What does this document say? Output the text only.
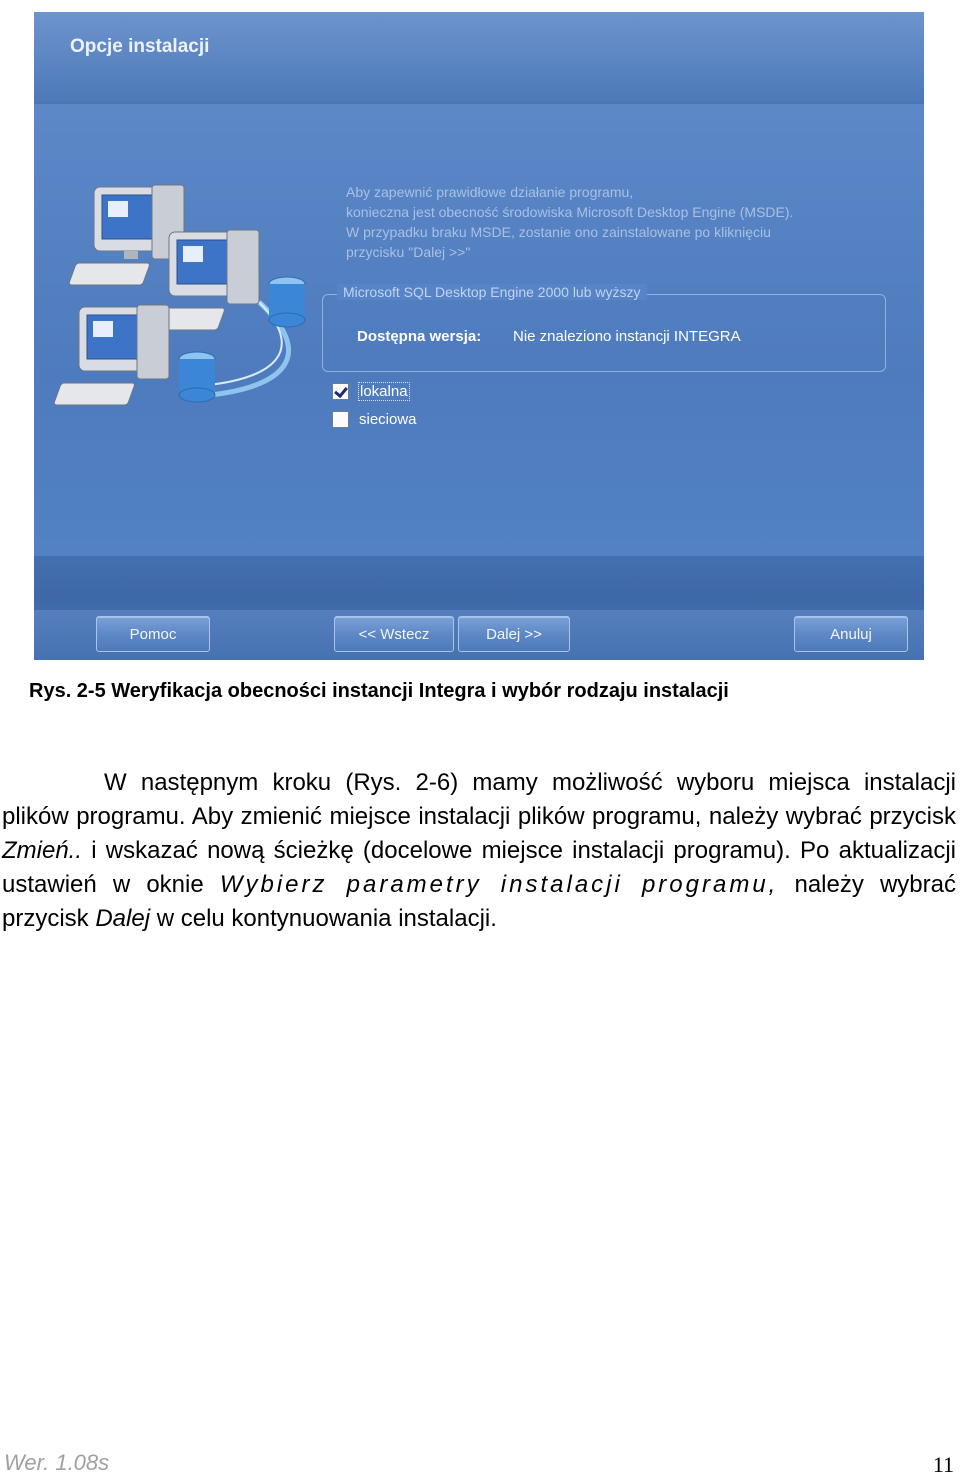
Opcje instalacji
Aby zapewnić prawidłowe działanie programu,
konieczna jest obecność środowiska Microsoft Desktop Engine (MSDE).
W przypadku braku MSDE, zostanie ono zainstalowane po kliknięciu
przycisku "Dalej >>"
Microsoft SQL Desktop Engine 2000 lub wyższy
Dostępna wersja: Nie znaleziono instancji INTEGRA
lokalna
sieciowa
Pomoc	<< Wstecz	Dalej >>	Anuluj
Rys. 2-5 Weryfikacja obecności instancji Integra i wybór rodzaju instalacji
W następnym kroku (Rys. 2-6) mamy możliwość wyboru miejsca instalacji plików programu. Aby zmienić miejsce instalacji plików programu, należy wybrać przycisk Zmień.. i wskazać nową ścieżkę (docelowe miejsce instalacji programu). Po aktualizacji ustawień w oknie Wybierz parametry instalacji programu, należy wybrać przycisk Dalej w celu kontynuowania instalacji.
Wer. 1.08s	11
